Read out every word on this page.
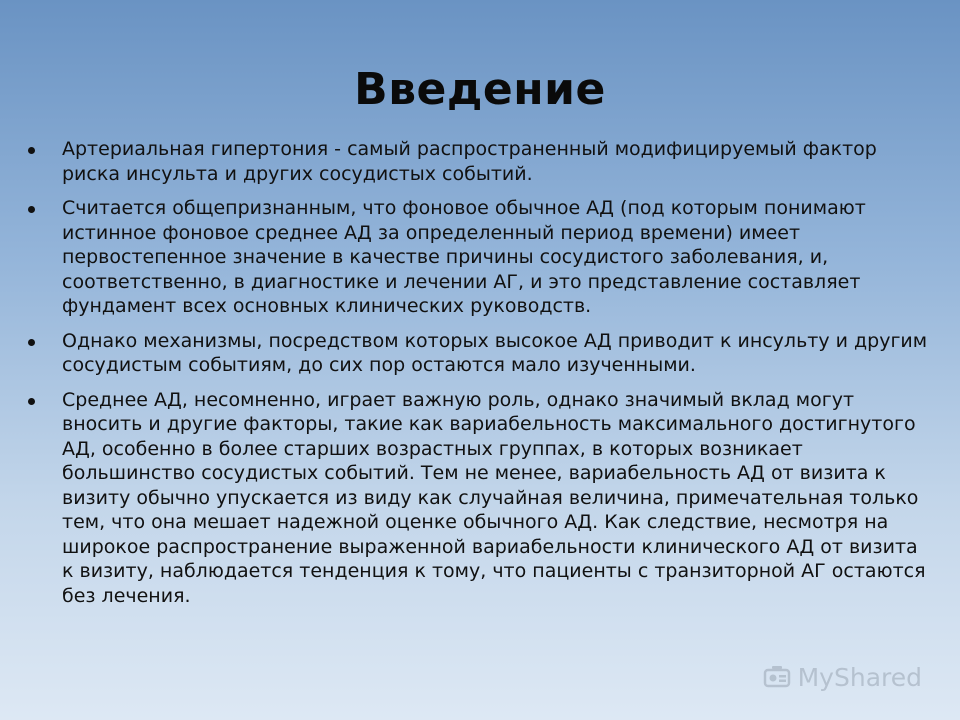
Введение
Артериальная гипертония - самый распространенный модифицируемый фактор риска инсульта и других сосудистых событий.
Считается общепризнанным, что фоновое обычное АД (под которым понимают истинное фоновое среднее АД за определенный период времени) имеет первостепенное значение в качестве причины сосудистого заболевания, и, соответственно, в диагностике и лечении АГ, и это представление составляет фундамент всех основных клинических руководств.
Однако механизмы, посредством которых высокое АД приводит к инсульту и другим сосудистым событиям, до сих пор остаются мало изученными.
Среднее АД, несомненно, играет важную роль, однако значимый вклад могут вносить и другие факторы, такие как вариабельность максимального достигнутого АД, особенно в более старших возрастных группах, в которых возникает большинство сосудистых событий. Тем не менее, вариабельность АД от визита к визиту обычно упускается из виду как случайная величина, примечательная только тем, что она мешает надежной оценке обычного АД. Как следствие, несмотря на широкое распространение выраженной вариабельности клинического АД от визита к визиту, наблюдается тенденция к тому, что пациенты с транзиторной АГ остаются без лечения.
MyShared
